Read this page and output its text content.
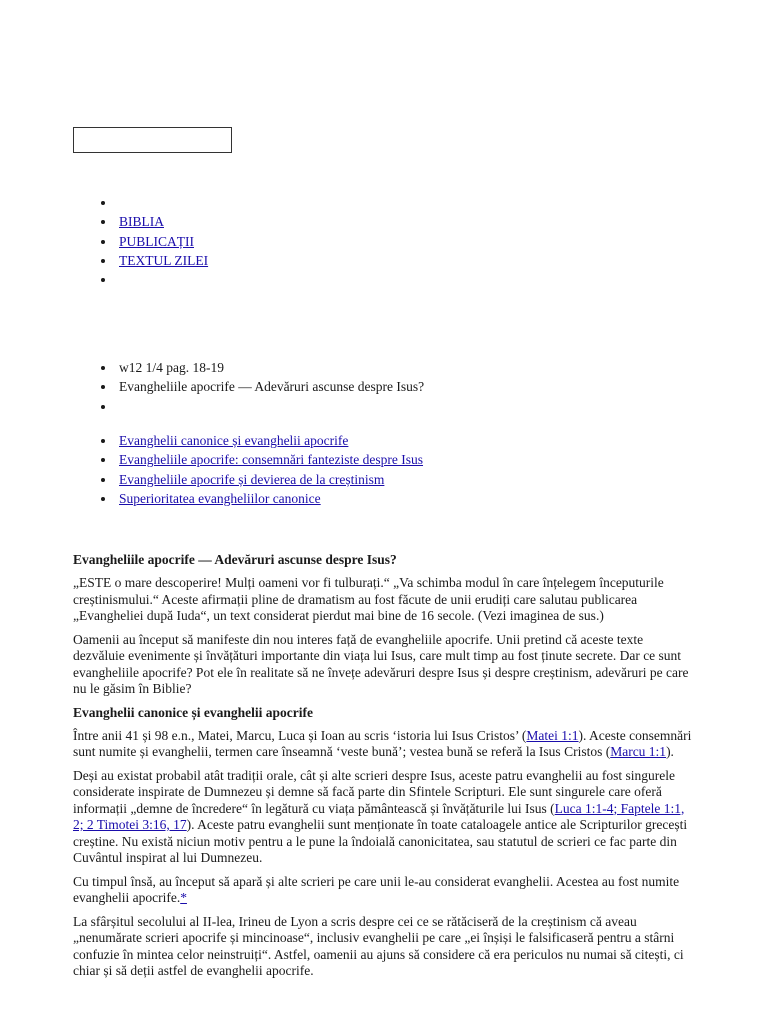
BIBLIA
PUBLICAȚII
TEXTUL ZILEI
w12 1/4 pag. 18-19
Evangheliile apocrife — Adevăruri ascunse despre Isus?
Evanghelii canonice și evanghelii apocrife
Evangheliile apocrife: consemnări fanteziste despre Isus
Evangheliile apocrife și devierea de la creștinism
Superioritatea evangheliilor canonice
Evangheliile apocrife — Adevăruri ascunse despre Isus?

„ESTE o mare descoperire! Mulți oameni vor fi tulburați.“ „Va schimba modul în care înțelegem începuturile creștinismului.“ Aceste afirmații pline de dramatism au fost făcute de unii erudiți care salutau publicarea „Evangheliei după Iuda“, un text considerat pierdut mai bine de 16 secole. (Vezi imaginea de sus.)

Oamenii au început să manifeste din nou interes față de evangheliile apocrife. Unii pretind că aceste texte dezvăluie evenimente și învățături importante din viața lui Isus, care mult timp au fost ținute secrete. Dar ce sunt evangheliile apocrife? Pot ele în realitate să ne învețe adevăruri despre Isus și despre creștinism, adevăruri pe care nu le găsim în Biblie?

Evanghelii canonice și evanghelii apocrife

Între anii 41 și 98 e.n., Matei, Marcu, Luca și Ioan au scris ‘istoria lui Isus Cristos’ (Matei 1:1). Aceste consemnări sunt numite și evanghelii, termen care înseamnă ‘veste bună’; vestea bună se referă la Isus Cristos (Marcu 1:1).

Deși au existat probabil atât tradiții orale, cât și alte scrieri despre Isus, aceste patru evanghelii au fost singurele considerate inspirate de Dumnezeu și demne să facă parte din Sfintele Scripturi. Ele sunt singurele care oferă informații „demne de încredere“ în legătură cu viața pământească și învățăturile lui Isus (Luca 1:1-4; Faptele 1:1, 2; 2 Timotei 3:16, 17). Aceste patru evanghelii sunt menționate în toate cataloagele antice ale Scripturilor grecești creștine. Nu există niciun motiv pentru a le pune la îndoială canonicitatea, sau statutul de scrieri ce fac parte din Cuvântul inspirat al lui Dumnezeu.

Cu timpul însă, au început să apară și alte scrieri pe care unii le-au considerat evanghelii. Acestea au fost numite evanghelii apocrife.*

La sfârșitul secolului al II-lea, Irineu de Lyon a scris despre cei ce se rătăciseră de la creștinism că aveau „nenumărate scrieri apocrife și mincinoase“, inclusiv evanghelii pe care „ei înșiși le falsificaseră pentru a stârni confuzie în mintea celor neinstruiți“. Astfel, oamenii au ajuns să considere că era periculos nu numai să citești, ci chiar și să deții astfel de evanghelii apocrife.
